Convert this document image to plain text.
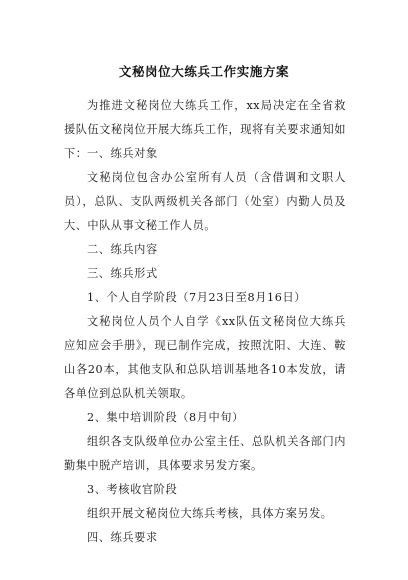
文秘岗位大练兵工作实施方案
为推进文秘岗位大练兵工作，xx局决定在全省救援队伍文秘岗位开展大练兵工作，现将有关要求通知如下： 一、练兵对象
文秘岗位包含办公室所有人员（含借调和文职人员），总队、支队两级机关各部门（处室）内勤人员及大、中队从事文秘工作人员。
二、练兵内容
三、练兵形式
1、个人自学阶段（7月23日至8月16日）
文秘岗位人员个人自学《xx队伍文秘岗位大练兵应知应会手册》，现已制作完成，按照沈阳、大连、鞍山各20本，其他支队和总队培训基地各10本发放，请各单位到总队机关领取。
2、集中培训阶段（8月中旬）
组织各支队级单位办公室主任、总队机关各部门内勤集中脱产培训，具体要求另发方案。
3、考核收官阶段
组织开展文秘岗位大练兵考核，具体方案另发。
四、练兵要求
